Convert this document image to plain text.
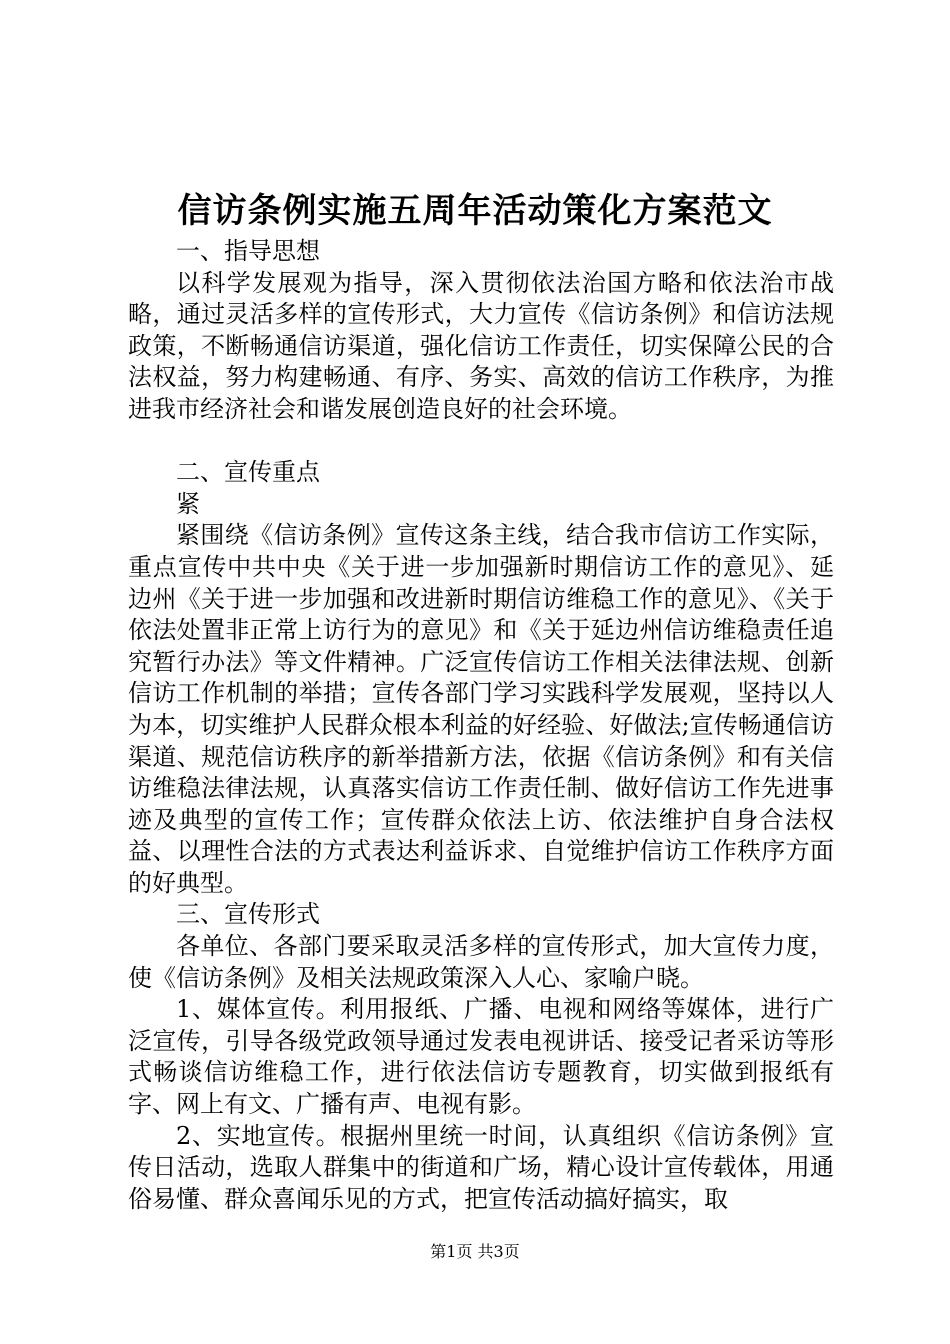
信访条例实施五周年活动策化方案范文

一、指导思想

以科学发展观为指导，深入贯彻依法治国方略和依法治市战略，通过灵活多样的宣传形式，大力宣传《信访条例》和信访法规政策，不断畅通信访渠道，强化信访工作责任，切实保障公民的合法权益，努力构建畅通、有序、务实、高效的信访工作秩序，为推进我市经济社会和谐发展创造良好的社会环境。

二、宣传重点

紧

紧围绕《信访条例》宣传这条主线，结合我市信访工作实际，重点宣传中共中央《关于进一步加强新时期信访工作的意见》、延边州《关于进一步加强和改进新时期信访维稳工作的意见》、《关于依法处置非正常上访行为的意见》和《关于延边州信访维稳责任追究暂行办法》等文件精神。广泛宣传信访工作相关法律法规、创新信访工作机制的举措；宣传各部门学习实践科学发展观，坚持以人为本，切实维护人民群众根本利益的好经验、好做法;宣传畅通信访渠道、规范信访秩序的新举措新方法，依据《信访条例》和有关信访维稳法律法规，认真落实信访工作责任制、做好信访工作先进事迹及典型的宣传工作；宣传群众依法上访、依法维护自身合法权益、以理性合法的方式表达利益诉求、自觉维护信访工作秩序方面的好典型。

三、宣传形式

各单位、各部门要采取灵活多样的宣传形式，加大宣传力度，使《信访条例》及相关法规政策深入人心、家喻户晓。

1、媒体宣传。利用报纸、广播、电视和网络等媒体，进行广泛宣传，引导各级党政领导通过发表电视讲话、接受记者采访等形式畅谈信访维稳工作，进行依法信访专题教育，切实做到报纸有字、网上有文、广播有声、电视有影。

2、实地宣传。根据州里统一时间，认真组织《信访条例》宣传日活动，选取人群集中的街道和广场，精心设计宣传载体，用通俗易懂、群众喜闻乐见的方式，把宣传活动搞好搞实，取

第1页 共3页
